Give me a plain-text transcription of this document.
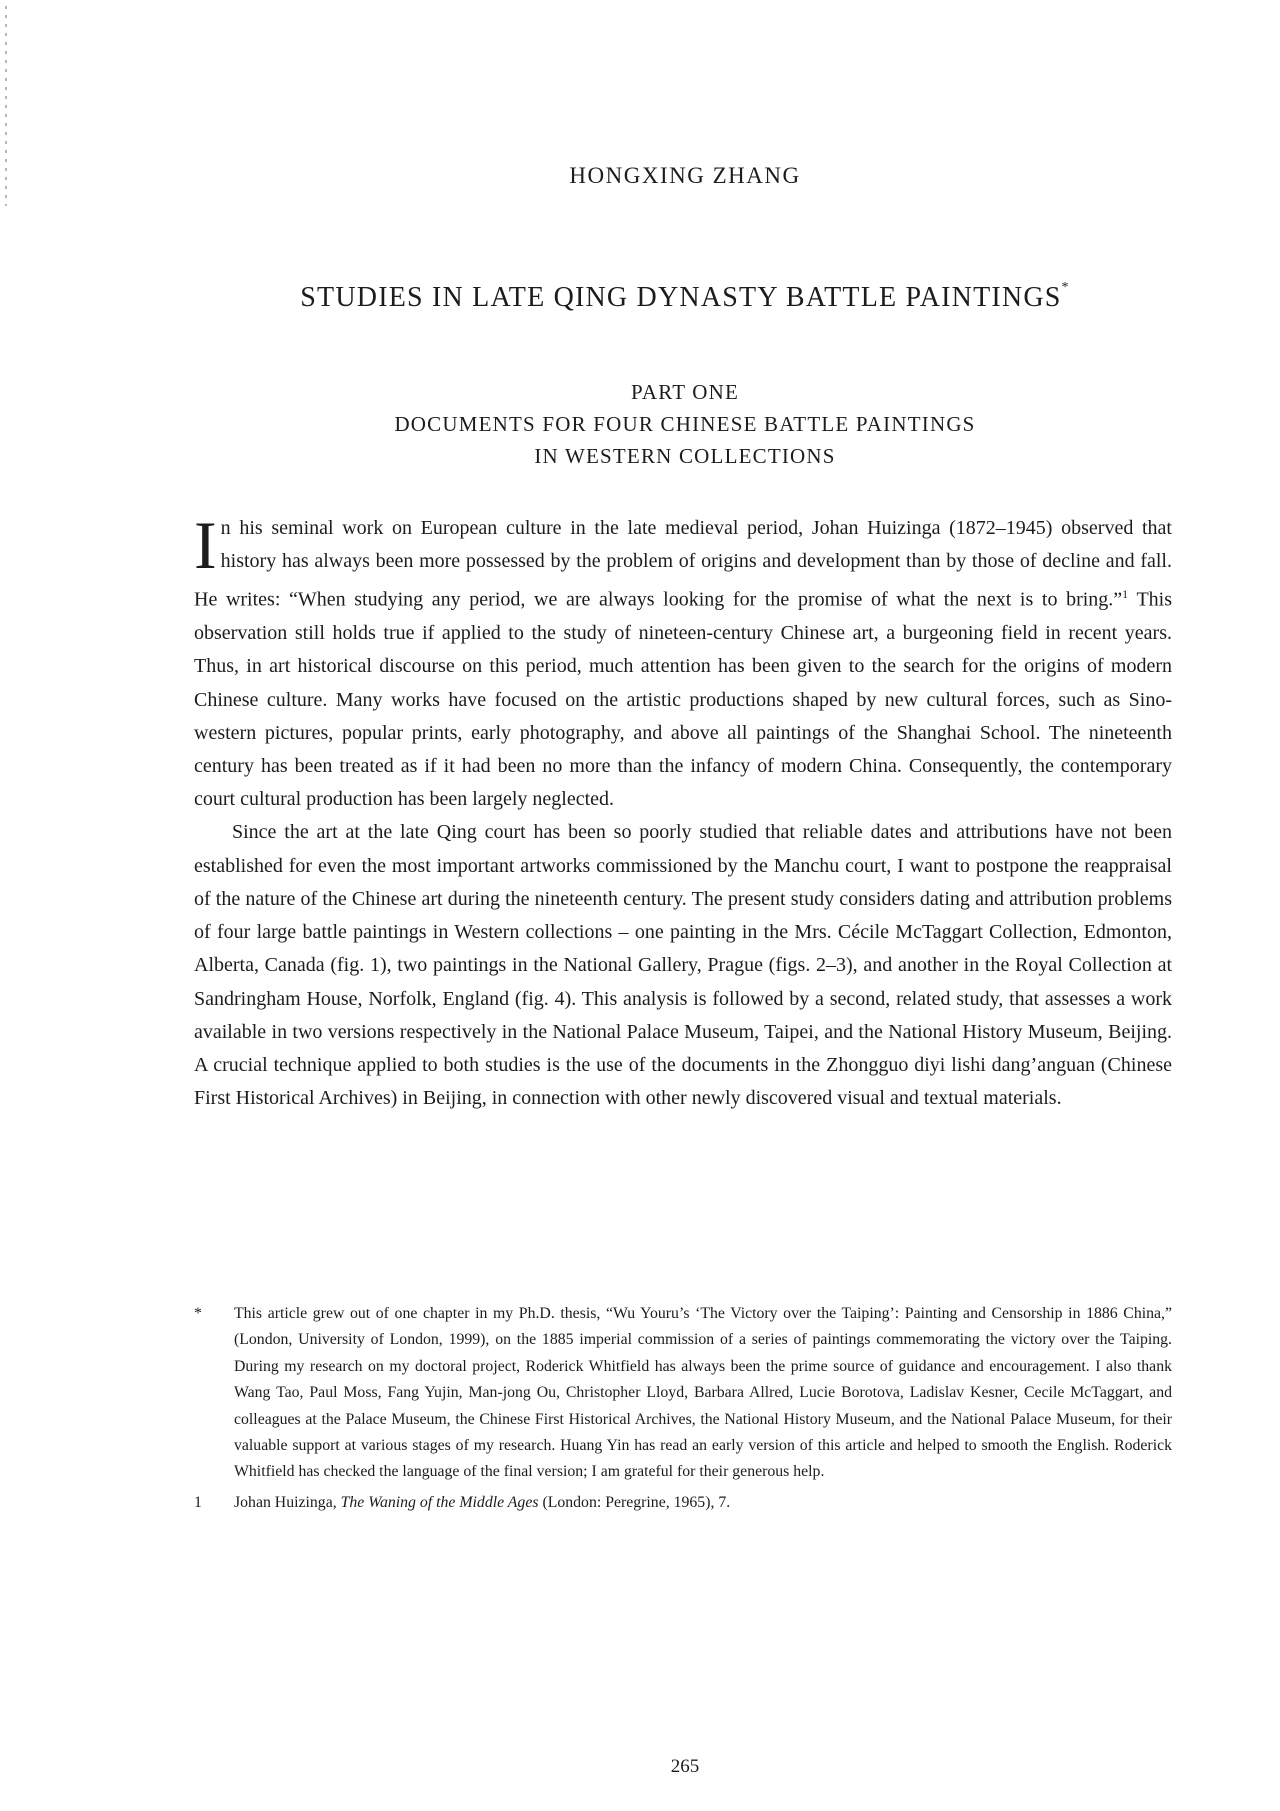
HONGXING ZHANG
STUDIES IN LATE QING DYNASTY BATTLE PAINTINGS*
PART ONE
DOCUMENTS FOR FOUR CHINESE BATTLE PAINTINGS
IN WESTERN COLLECTIONS

In his seminal work on European culture in the late medieval period, Johan Huizinga (1872–1945) observed that history has always been more possessed by the problem of origins and development than by those of decline and fall. He writes: “When studying any period, we are always looking for the promise of what the next is to bring.”$^1$ This observation still holds true if applied to the study of nineteen-century Chinese art, a burgeoning field in recent years. Thus, in art historical discourse on this period, much attention has been given to the search for the origins of modern Chinese culture. Many works have focused on the artistic productions shaped by new cultural forces, such as Sino-western pictures, popular prints, early photography, and above all paintings of the Shanghai School. The nineteenth century has been treated as if it had been no more than the infancy of modern China. Consequently, the contemporary court cultural production has been largely neglected.

Since the art at the late Qing court has been so poorly studied that reliable dates and attributions have not been established for even the most important artworks commissioned by the Manchu court, I want to postpone the reappraisal of the nature of the Chinese art during the nineteenth century. The present study considers dating and attribution problems of four large battle paintings in Western collections – one painting in the Mrs. Cécile McTaggart Collection, Edmonton, Alberta, Canada (fig. 1), two paintings in the National Gallery, Prague (figs. 2–3), and another in the Royal Collection at Sandringham House, Norfolk, England (fig. 4). This analysis is followed by a second, related study, that assesses a work available in two versions respectively in the National Palace Museum, Taipei, and the National History Museum, Beijing. A crucial technique applied to both studies is the use of the documents in the Zhongguo diyi lishi dang’anguan (Chinese First Historical Archives) in Beijing, in connection with other newly discovered visual and textual materials.

* This article grew out of one chapter in my Ph.D. thesis, “Wu Youru’s ‘The Victory over the Taiping’: Painting and Censorship in 1886 China,” (London, University of London, 1999), on the 1885 imperial commission of a series of paintings commemorating the victory over the Taiping. During my research on my doctoral project, Roderick Whitfield has always been the prime source of guidance and encouragement. I also thank Wang Tao, Paul Moss, Fang Yujin, Man-jong Ou, Christopher Lloyd, Barbara Allred, Lucie Borotova, Ladislav Kesner, Cecile McTaggart, and colleagues at the Palace Museum, the Chinese First Historical Archives, the National History Museum, and the National Palace Museum, for their valuable support at various stages of my research. Huang Yin has read an early version of this article and helped to smooth the English. Roderick Whitfield has checked the language of the final version; I am grateful for their generous help.
1 Johan Huizinga, The Waning of the Middle Ages (London: Peregrine, 1965), 7.
265
